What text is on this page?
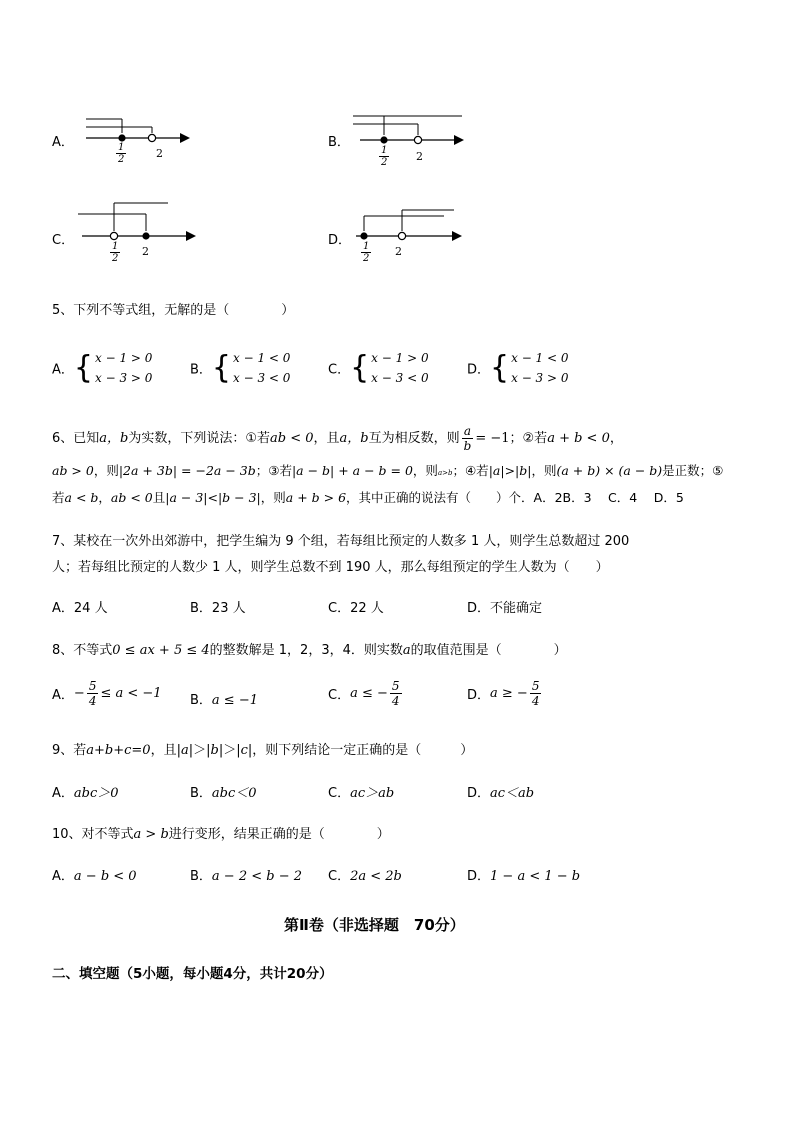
A．	$\frac{1}{2}$	2
B．
$\frac{1}{2} 2$
C．
$\frac{1}{2} 2$
D．
$\frac{1}{2} 2$
5、下列不等式组，无解的是（　　　　）
A．{ x − 1 > 0
x − 3 > 0
B．{ x − 1 < 0
x − 3 < 0
C．{ x − 1 > 0
x − 3 < 0
D．{ x − 1 < 0
x − 3 > 0
6、已知a，b为实数，下列说法：①若ab < 0，且a，b互为相反数，则 $\frac{a}{b} = -1$；②若a + b < 0，
ab > 0，则|2a + 3b| = −2a − 3b；③若|a − b| + a − b = 0，则a>b；④若|a|>|b|，则(a + b) × (a − b)是正数；⑤
若a < b，ab < 0且|a − 3|<|b − 3|，则a + b > 6，其中正确的说法有（　　）个．A．2B．3　 C．4　 D．5
7、某校在一次外出郊游中，把学生编为 9 个组，若每组比预定的人数多 1 人，则学生总数超过 200
人；若每组比预定的人数少 1 人，则学生总数不到 190 人，那么每组预定的学生人数为（　　）
A．24 人	B．23 人	C．22 人	D．不能确定
8、不等式0 ≤ ax + 5 ≤ 4的整数解是 1，2，3，4．则实数a的取值范围是（　　　　）
A．− $\frac{5}{4} \le a < -1$ B．a ≤ −1	C．a ≤ − $\frac{5}{4}$	D．a ≥ − $\frac{5}{4}$
9、若a+b+c=0，且|a|＞|b|＞|c|，则下列结论一定正确的是（　　　）
A．abc＞0	B．abc＜0	C．ac＞ab	D．ac＜ab
10、对不等式a > b进行变形，结果正确的是（　　　　）
A．a − b < 0	B．a − 2 < b − 2 C．2a < 2b	D．1 − a < 1 − b
第Ⅱ卷（非选择题　70分）
二、填空题（5小题，每小题4分，共计20分）
